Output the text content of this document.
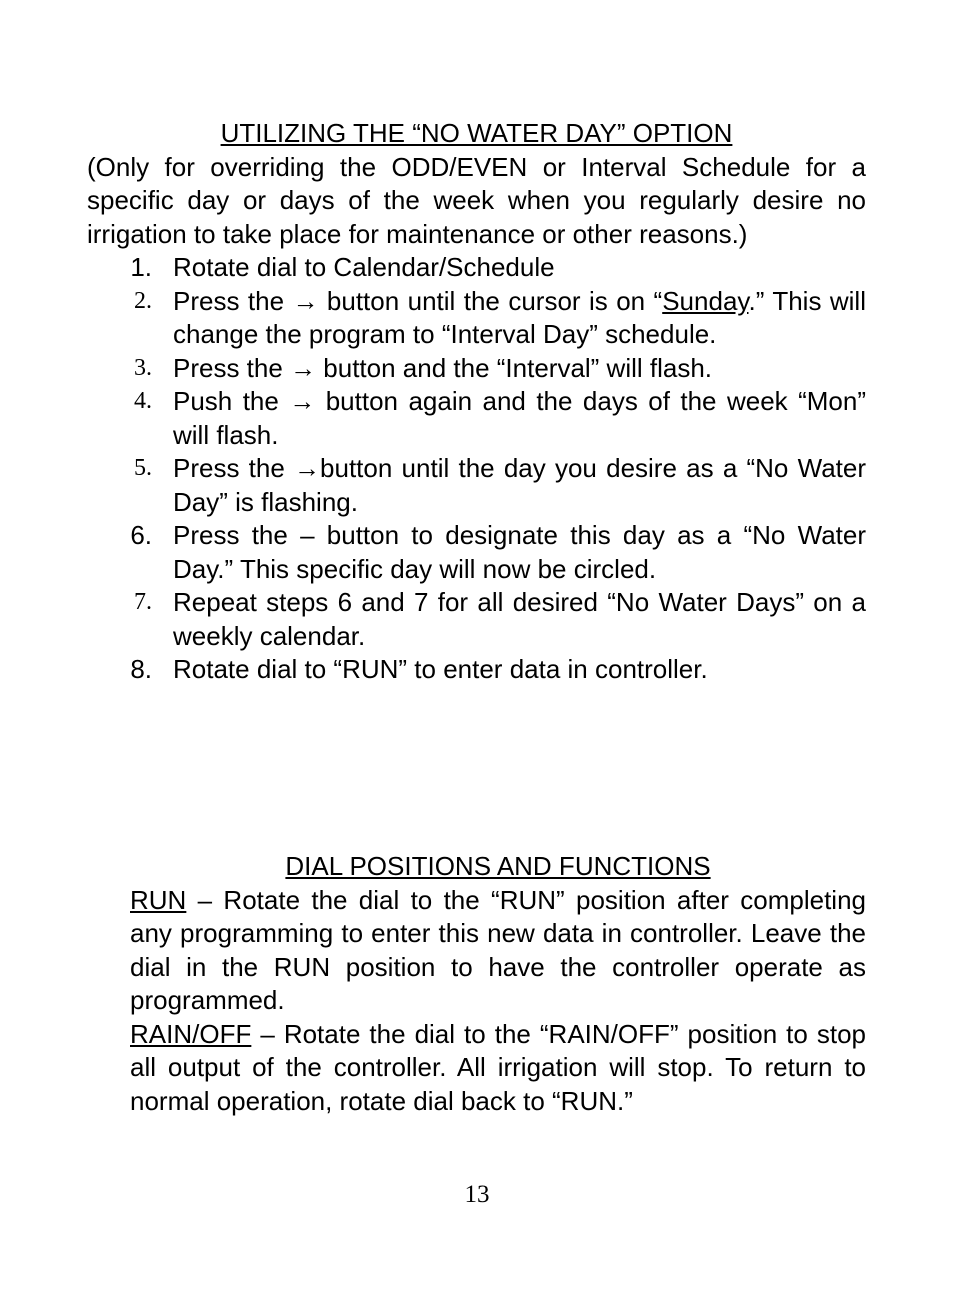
UTILIZING THE “NO WATER DAY” OPTION

(Only for overriding the ODD/EVEN or Interval Schedule for a specific day or days of the week when you regularly desire no irrigation to take place for maintenance or other reasons.)

1. Rotate dial to Calendar/Schedule
2. Press the → button until the cursor is on “Sunday.” This will change the program to “Interval Day” schedule.
3. Press the → button and the “Interval” will flash.
4. Push the → button again and the days of the week “Mon” will flash.
5. Press the →button until the day you desire as a “No Water Day” is flashing.
6. Press the – button to designate this day as a “No Water Day.” This specific day will now be circled.
7. Repeat steps 6 and 7 for all desired “No Water Days” on a weekly calendar.
8. Rotate dial to “RUN” to enter data in controller.

DIAL POSITIONS AND FUNCTIONS

RUN – Rotate the dial to the “RUN” position after completing any programming to enter this new data in controller. Leave the dial in the RUN position to have the controller operate as programmed.

RAIN/OFF – Rotate the dial to the “RAIN/OFF” position to stop all output of the controller. All irrigation will stop. To return to normal operation, rotate dial back to “RUN.”

13
